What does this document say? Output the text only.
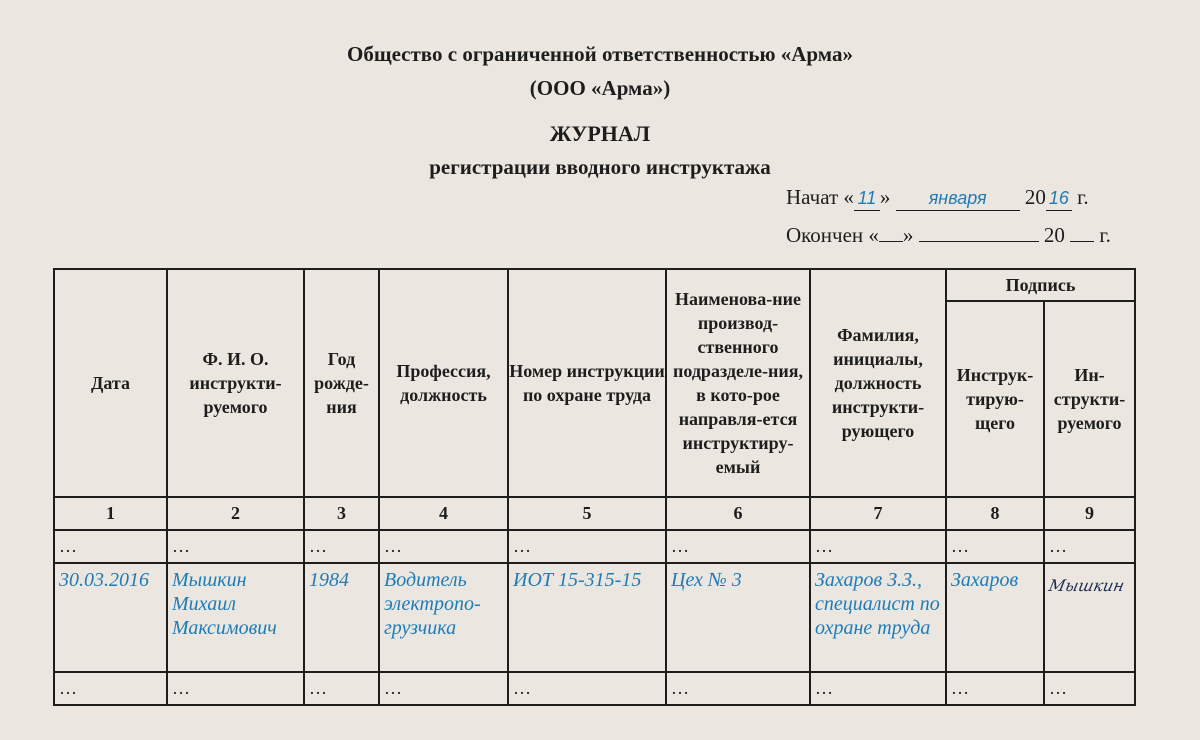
Общество с ограниченной ответственностью «Арма»
(ООО «Арма»)
ЖУРНАЛ
регистрации вводного инструктажа
Начат « 11 » января 20 16 г.
Окончен « »	20 г.
Дата	Ф. И. О. инструкти-руемого	Год рожде-ния	Профессия, должность	Номер инструкции по охране труда	Наименова-ние производ-ственного подразделе-ния, в кото-рое направля-ется инструктиру-емый	Фамилия, инициалы, должность инструкти-рующего	Подпись	
							Инструк-тирую-щего	Ин-структи-руемого
1	2	3	4	5	6	7	8	9
…	…	…	…	…	…	…	…	…
30.03.2016	Мышкин Михаил Максимович	1984	Водитель электропо-грузчика	ИОТ 15-315-15	Цех № 3	Захаров З.З., специалист по охране труда	Захаров	Мышкин
…	…	…	…	…	…	…	…	…
